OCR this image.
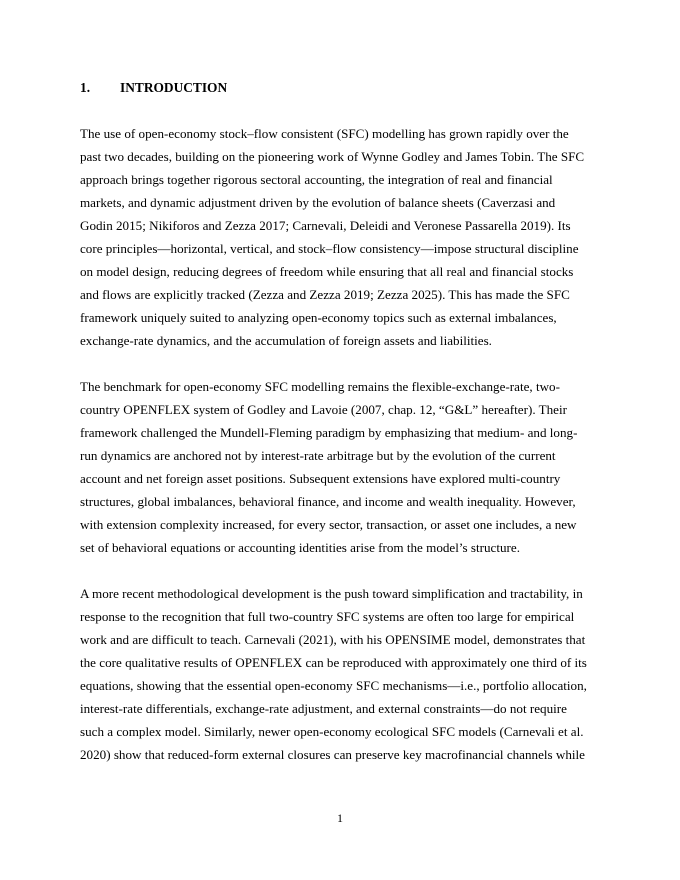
1. INTRODUCTION
The use of open-economy stock–flow consistent (SFC) modelling has grown rapidly over the
past two decades, building on the pioneering work of Wynne Godley and James Tobin. The SFC
approach brings together rigorous sectoral accounting, the integration of real and financial
markets, and dynamic adjustment driven by the evolution of balance sheets (Caverzasi and
Godin 2015; Nikiforos and Zezza 2017; Carnevali, Deleidi and Veronese Passarella 2019). Its
core principles—horizontal, vertical, and stock–flow consistency—impose structural discipline
on model design, reducing degrees of freedom while ensuring that all real and financial stocks
and flows are explicitly tracked (Zezza and Zezza 2019; Zezza 2025). This has made the SFC
framework uniquely suited to analyzing open-economy topics such as external imbalances,
exchange-rate dynamics, and the accumulation of foreign assets and liabilities.
The benchmark for open-economy SFC modelling remains the flexible-exchange-rate, two-
country OPENFLEX system of Godley and Lavoie (2007, chap. 12, “G&L” hereafter). Their
framework challenged the Mundell-Fleming paradigm by emphasizing that medium- and long-
run dynamics are anchored not by interest-rate arbitrage but by the evolution of the current
account and net foreign asset positions. Subsequent extensions have explored multi-country
structures, global imbalances, behavioral finance, and income and wealth inequality. However,
with extension complexity increased, for every sector, transaction, or asset one includes, a new
set of behavioral equations or accounting identities arise from the model’s structure.
A more recent methodological development is the push toward simplification and tractability, in
response to the recognition that full two-country SFC systems are often too large for empirical
work and are difficult to teach. Carnevali (2021), with his OPENSIME model, demonstrates that
the core qualitative results of OPENFLEX can be reproduced with approximately one third of its
equations, showing that the essential open-economy SFC mechanisms—i.e., portfolio allocation,
interest-rate differentials, exchange-rate adjustment, and external constraints—do not require
such a complex model. Similarly, newer open-economy ecological SFC models (Carnevali et al.
2020) show that reduced-form external closures can preserve key macrofinancial channels while
1
